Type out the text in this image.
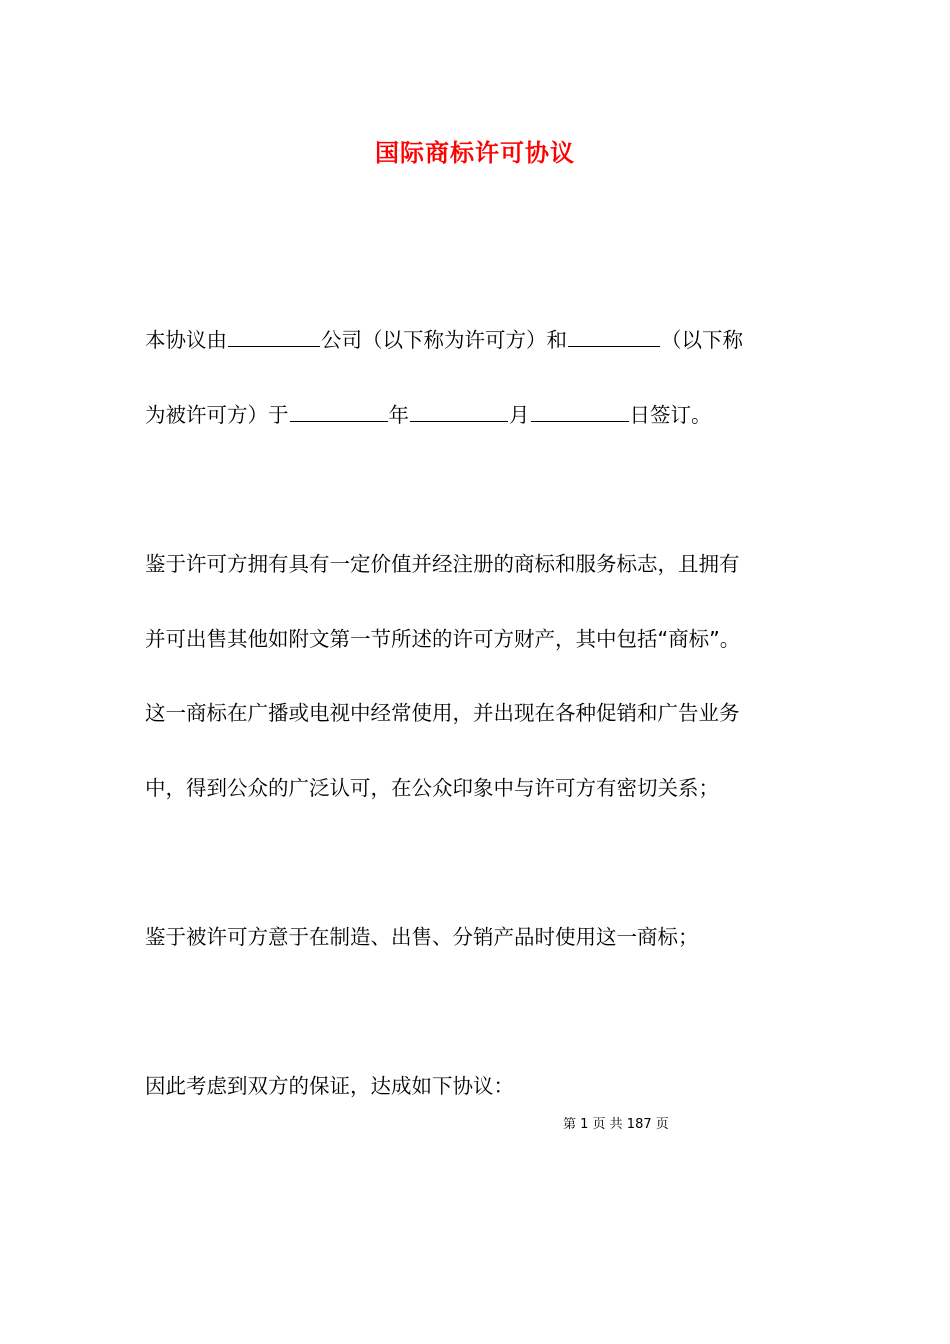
国际商标许可协议
本协议由	公司（以下称为许可方）和	（以下称
为被许可方）于	年	月	日签订。
鉴于许可方拥有具有一定价值并经注册的商标和服务标志，且拥有
并可出售其他如附文第一节所述的许可方财产，其中包括“商标”。
这一商标在广播或电视中经常使用，并出现在各种促销和广告业务
中，得到公众的广泛认可，在公众印象中与许可方有密切关系；
鉴于被许可方意于在制造、出售、分销产品时使用这一商标；
因此考虑到双方的保证，达成如下协议：
第 1 页 共 187 页
